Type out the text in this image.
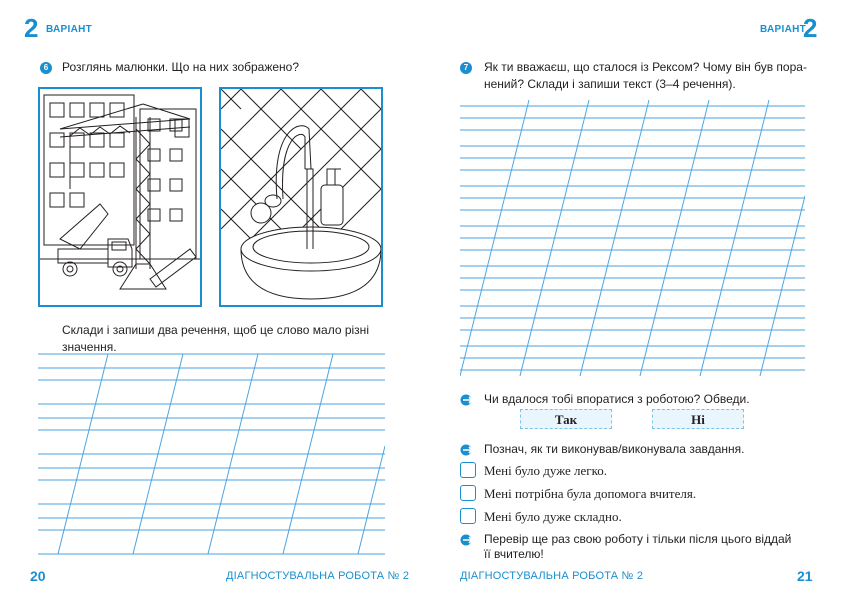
2 ВАРІАНТ
6	Розглянь малюнки. Що на них зображено?
Склади і запиши два речення, щоб це слово мало різні
значення.
20	ДІАГНОСТУВАЛЬНА РОБОТА № 2
ВАРІАНТ
2
7	Як ти вважаєш, що сталося із Рексом? Чому він був пора-
нений? Склади і запиши текст (3–4 речення).
Чи вдалося тобі впоратися з роботою? Обведи.
Так	Ні
Познач, як ти виконував/виконувала завдання.
Мені було дуже легко.
Мені потрібна була допомога вчителя.
Мені було дуже складно.
Перевір ще раз свою роботу і тільки після цього віддай
її вчителю!
ДІАГНОСТУВАЛЬНА РОБОТА № 2	21
